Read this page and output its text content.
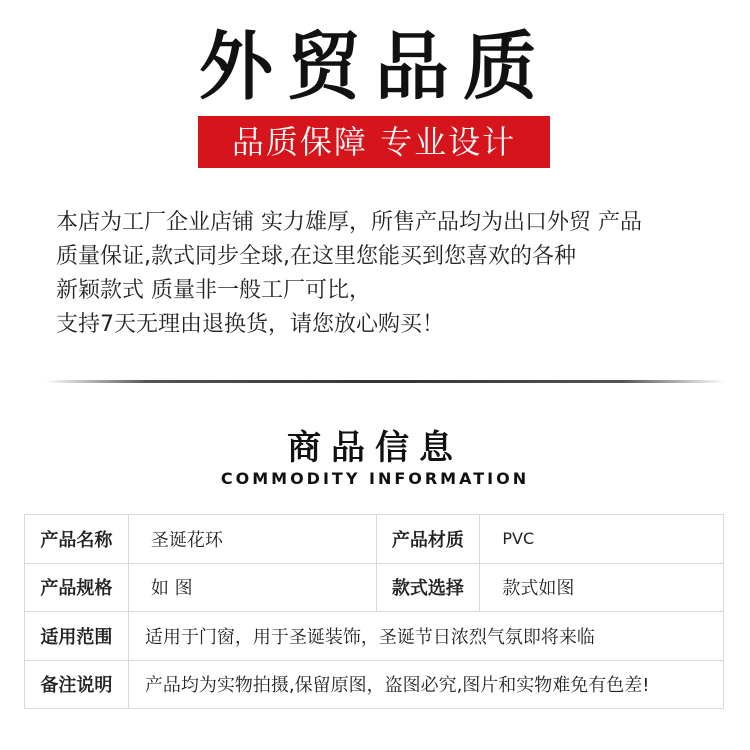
外贸品质
品质保障 专业设计
本店为工厂企业店铺 实力雄厚，所售产品均为出口外贸 产品
质量保证,款式同步全球,在这里您能买到您喜欢的各种
新颖款式 质量非一般工厂可比，
支持7天无理由退换货，请您放心购买！
商品信息
COMMODITY INFORMATION
产品名称	圣诞花环	产品材质	PVC
产品规格	如 图	款式选择	款式如图
适用范围	适用于门窗，用于圣诞装饰，圣诞节日浓烈气氛即将来临
备注说明	产品均为实物拍摄,保留原图，盗图必究,图片和实物难免有色差!
